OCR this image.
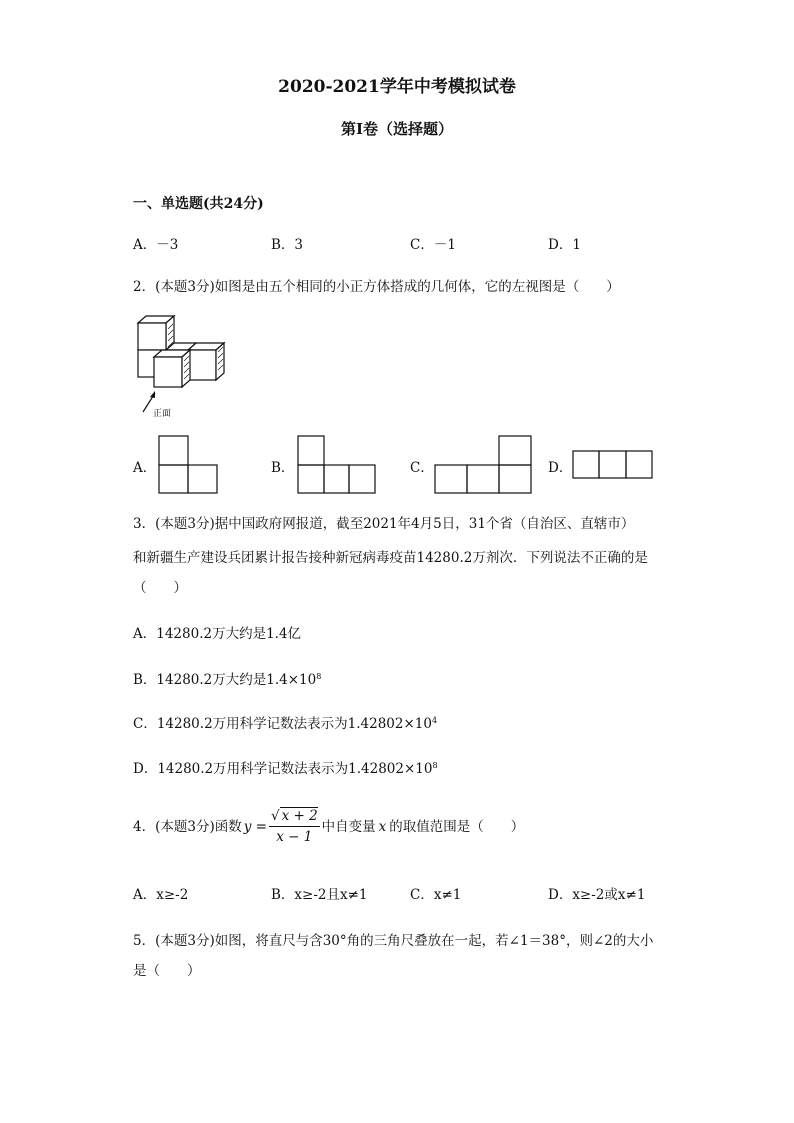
2020-2021学年中考模拟试卷
第I卷（选择题）
一、单选题(共24分)
A．－3	B．3	C．－1	D．1
2．(本题3分)如图是由五个相同的小正方体搭成的几何体，它的左视图是（　　）
正面
A．	B．	C．	D．
3．(本题3分)据中国政府网报道，截至2021年4月5日，31个省（自治区、直辖市）
和新疆生产建设兵团累计报告接种新冠病毒疫苗14280.2万剂次．下列说法不正确的是
（　　）
A．14280.2万大约是1.4亿
B．14280.2万大约是$1.4\times 10^8$
C．14280.2万用科学记数法表示为$1.42802\times 10^4$
D．14280.2万用科学记数法表示为$1.42802\times 10^8$
4．(本题3分)函数 $y = \frac{√ x + 2}{x - 1}$ 中自变量 x 的取值范围是（　　）
A．x≥-2	B．x≥-2且x≠1	C．x≠1	D．x≥-2或x≠1
5．(本题3分)如图，将直尺与含30°角的三角尺叠放在一起，若∠1＝38°，则∠2的大小
是（　　）
